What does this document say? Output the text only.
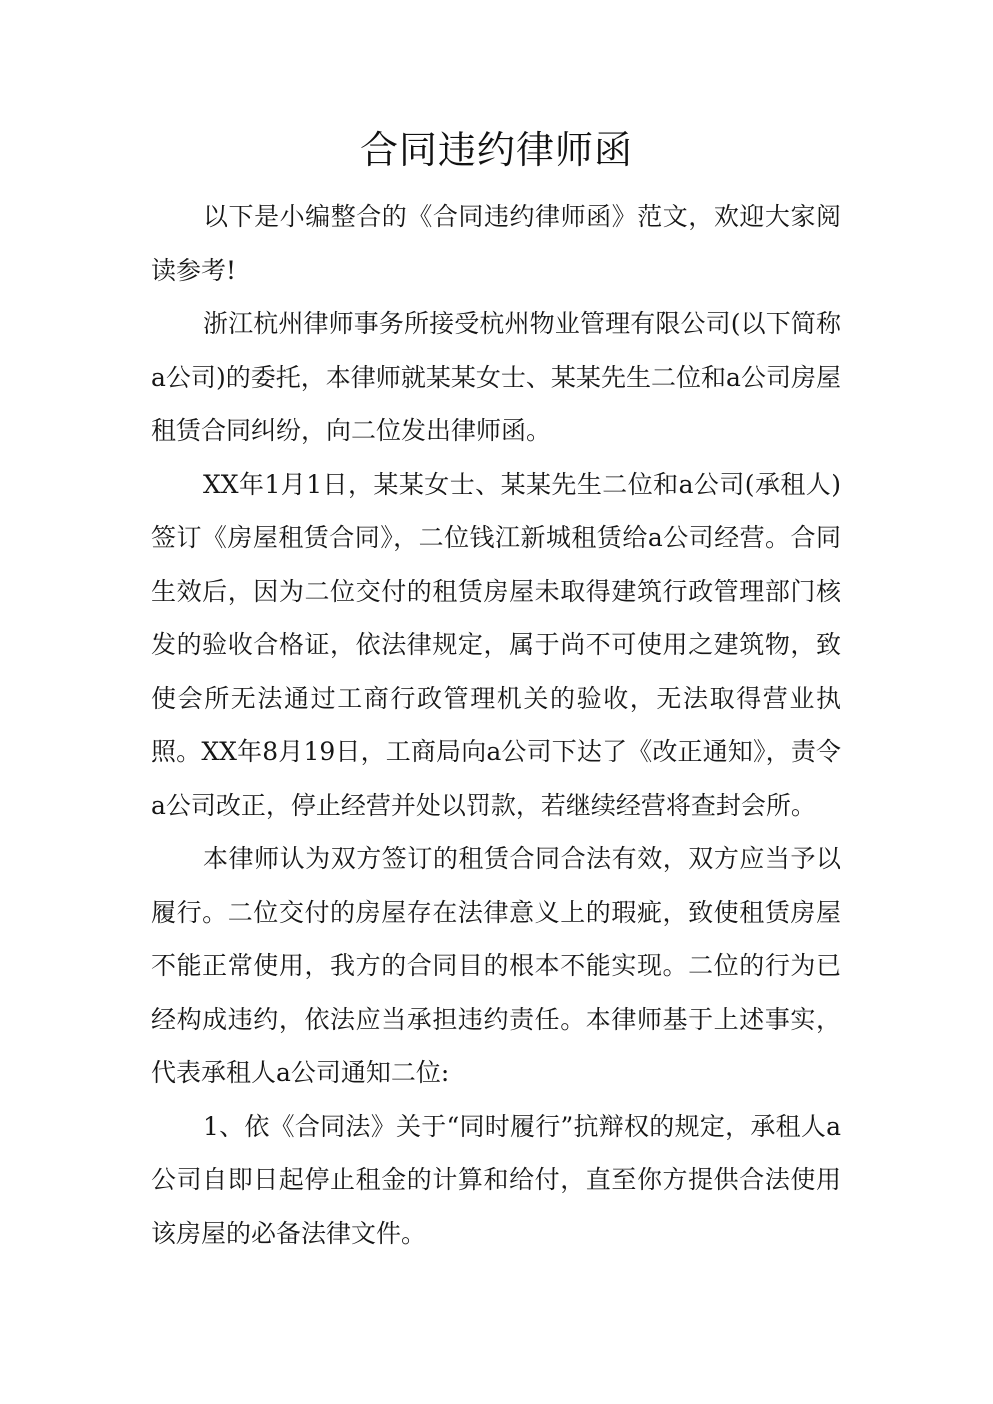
合同违约律师函

以下是小编整合的《合同违约律师函》范文，欢迎大家阅读参考!

浙江杭州律师事务所接受杭州物业管理有限公司(以下简称a公司)的委托，本律师就某某女士、某某先生二位和a公司房屋租赁合同纠纷，向二位发出律师函。

XX年1月1日，某某女士、某某先生二位和a公司(承租人)签订《房屋租赁合同》，二位钱江新城租赁给a公司经营。合同生效后，因为二位交付的租赁房屋未取得建筑行政管理部门核发的验收合格证，依法律规定，属于尚不可使用之建筑物，致使会所无法通过工商行政管理机关的验收，无法取得营业执照。XX年8月19日，工商局向a公司下达了《改正通知》，责令a公司改正，停止经营并处以罚款，若继续经营将查封会所。

本律师认为双方签订的租赁合同合法有效，双方应当予以履行。二位交付的房屋存在法律意义上的瑕疵，致使租赁房屋不能正常使用，我方的合同目的根本不能实现。二位的行为已经构成违约，依法应当承担违约责任。本律师基于上述事实，代表承租人a公司通知二位:

1、依《合同法》关于“同时履行”抗辩权的规定，承租人a公司自即日起停止租金的计算和给付，直至你方提供合法使用该房屋的必备法律文件。
